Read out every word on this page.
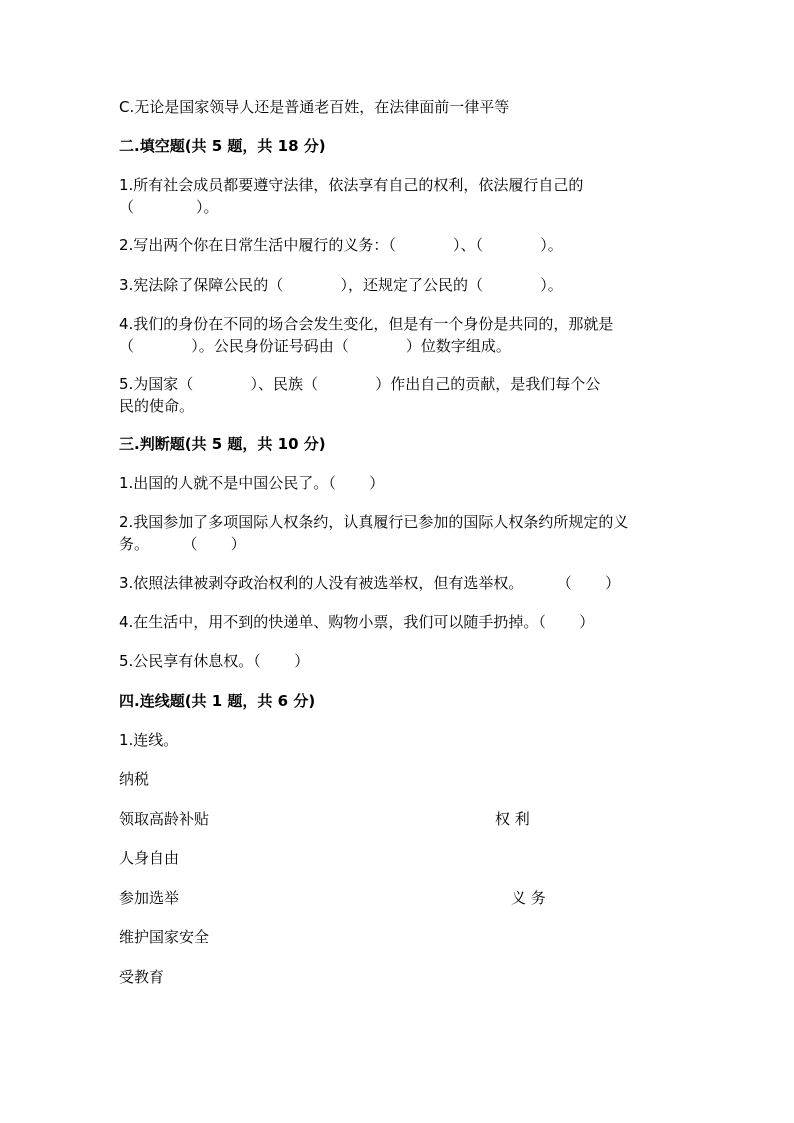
C.无论是国家领导人还是普通老百姓，在法律面前一律平等

二.填空题(共 5 题，共 18 分)

1.所有社会成员都要遵守法律，依法享有自己的权利，依法履行自己的

（             ）。

2.写出两个你在日常生活中履行的义务：（            ）、（            ）。

3.宪法除了保障公民的（            ），还规定了公民的（            ）。

4.我们的身份在不同的场合会发生变化，但是有一个身份是共同的，那就是

（            ）。公民身份证号码由（            ）位数字组成。

5.为国家（            ）、民族（            ）作出自己的贡献，是我们每个公

民的使命。

三.判断题(共 5 题，共 10 分)

1.出国的人就不是中国公民了。（       ）

2.我国参加了多项国际人权条约，认真履行已参加的国际人权条约所规定的义

务。       （       ）

3.依照法律被剥夺政治权利的人没有被选举权，但有选举权。       （       ）

4.在生活中，用不到的快递单、购物小票，我们可以随手扔掉。（       ）

5.公民享有休息权。（       ）

四.连线题(共 1 题，共 6 分)

1.连线。

纳税

领取高龄补贴

人身自由

参加选举

维护国家安全

受教育

权 利

义 务
